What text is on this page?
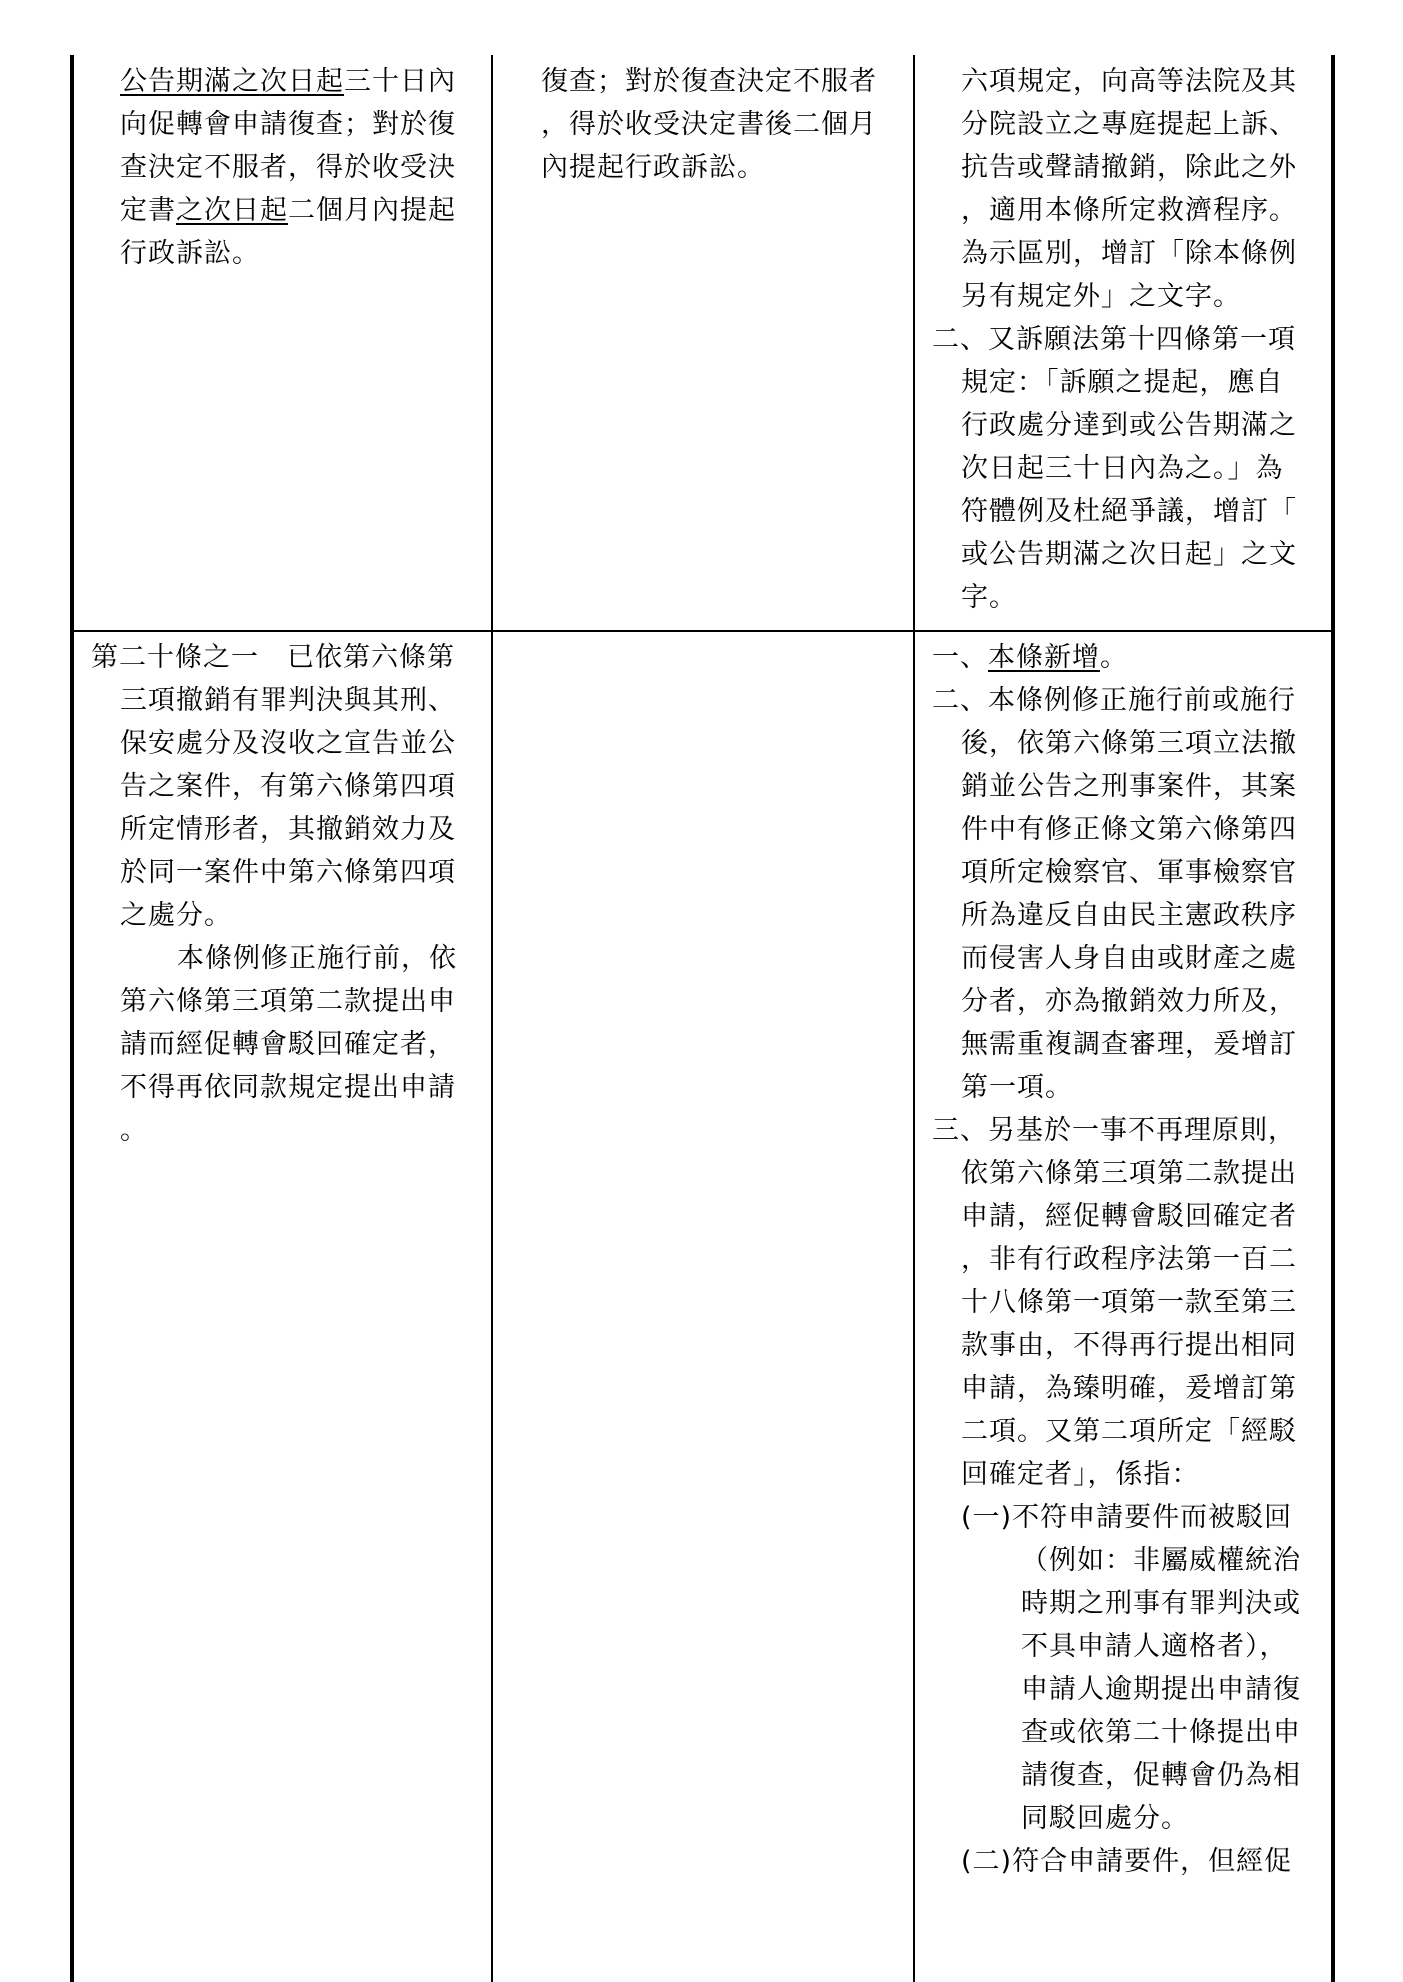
公告期滿之次日起三十日內
向促轉會申請復查；對於復
查決定不服者，得於收受決
定書之次日起二個月內提起
行政訴訟。
復查；對於復查決定不服者
，得於收受決定書後二個月
內提起行政訴訟。
六項規定，向高等法院及其
分院設立之專庭提起上訴、
抗告或聲請撤銷，除此之外
，適用本條所定救濟程序。
為示區別，增訂「除本條例
另有規定外」之文字。
二、又訴願法第十四條第一項
規定：「訴願之提起，應自
行政處分達到或公告期滿之
次日起三十日內為之。」為
符體例及杜絕爭議，增訂「
或公告期滿之次日起」之文
字。
第二十條之一　已依第六條第
三項撤銷有罪判決與其刑、
保安處分及沒收之宣告並公
告之案件，有第六條第四項
所定情形者，其撤銷效力及
於同一案件中第六條第四項
之處分。
本條例修正施行前，依
第六條第三項第二款提出申
請而經促轉會駁回確定者，
不得再依同款規定提出申請
。
一、本條新增。
二、本條例修正施行前或施行
後，依第六條第三項立法撤
銷並公告之刑事案件，其案
件中有修正條文第六條第四
項所定檢察官、軍事檢察官
所為違反自由民主憲政秩序
而侵害人身自由或財產之處
分者，亦為撤銷效力所及，
無需重複調查審理，爰增訂
第一項。
三、另基於一事不再理原則，
依第六條第三項第二款提出
申請，經促轉會駁回確定者
，非有行政程序法第一百二
十八條第一項第一款至第三
款事由，不得再行提出相同
申請，為臻明確，爰增訂第
二項。又第二項所定「經駁
回確定者」，係指：
(一)不符申請要件而被駁回
（例如：非屬威權統治
時期之刑事有罪判決或
不具申請人適格者），
申請人逾期提出申請復
查或依第二十條提出申
請復查，促轉會仍為相
同駁回處分。
(二)符合申請要件，但經促
